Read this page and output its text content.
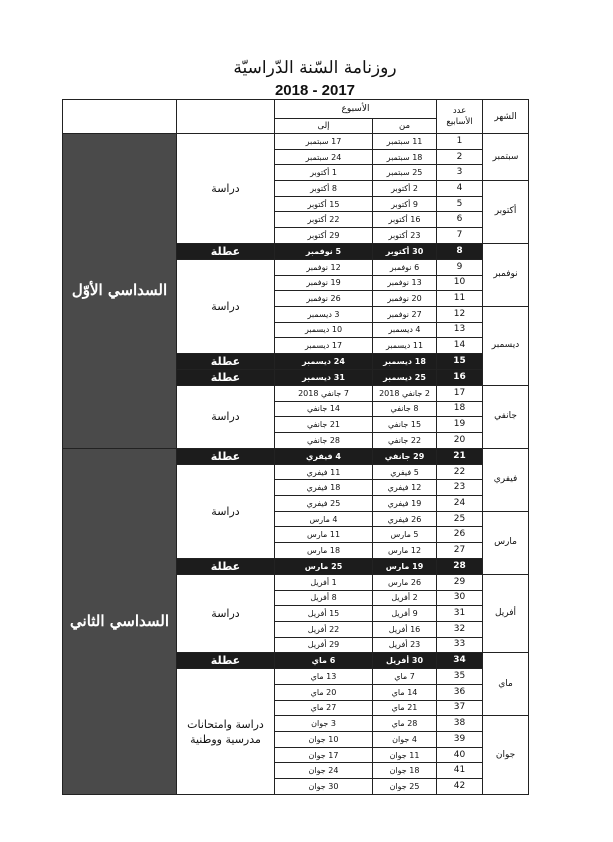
روزنامة السّنة الدّراسيّة
2018 - 2017
الشهر	عدد الأسابيع	الأسبوع			
		من	إلى		
سبتمبر	1	11 سبتمبر	17 سبتمبر	دراسة	السداسي الأوّل
	2	18 سبتمبر	24 سبتمبر		
	3	25 سبتمبر	1 أكتوبر		
أكتوبر	4	2 أكتوبر	8 أكتوبر		
	5	9 أكتوبر	15 أكتوبر		
	6	16 أكتوبر	22 أكتوبر		
	7	23 أكتوبر	29 أكتوبر		
نوفمبر	8	30 أكتوبر	5 نوفمبر	عطلة	
	9	6 نوفمبر	12 نوفمبر	دراسة	
	10	13 نوفمبر	19 نوفمبر		
	11	20 نوفمبر	26 نوفمبر		
ديسمبر	12	27 نوفمبر	3 ديسمبر		
	13	4 ديسمبر	10 ديسمبر		
	14	11 ديسمبر	17 ديسمبر		
	15	18 ديسمبر	24 ديسمبر	عطلة	
	16	25 ديسمبر	31 ديسمبر	عطلة	
جانفي	17	2 جانفي 2018	7 جانفي 2018	دراسة	
	18	8 جانفي	14 جانفي		
	19	15 جانفي	21 جانفي		
	20	22 جانفي	28 جانفي		
فيفري	21	29 جانفي	4 فيفري	عطلة	السداسي الثاني
	22	5 فيفري	11 فيفري	دراسة	
	23	12 فيفري	18 فيفري		
	24	19 فيفري	25 فيفري		
مارس	25	26 فيفري	4 مارس		
	26	5 مارس	11 مارس		
	27	12 مارس	18 مارس		
	28	19 مارس	25 مارس	عطلة	
أفريل	29	26 مارس	1 أفريل	دراسة	
	30	2 أفريل	8 أفريل		
	31	9 أفريل	15 أفريل		
	32	16 أفريل	22 أفريل		
	33	23 أفريل	29 أفريل		
ماي	34	30 أفريل	6 ماي	عطلة	
	35	7 ماي	13 ماي	دراسة وامتحانات مدرسية ووطنية	
	36	14 ماي	20 ماي		
	37	21 ماي	27 ماي		
جوان	38	28 ماي	3 جوان		
	39	4 جوان	10 جوان		
	40	11 جوان	17 جوان		
	41	18 جوان	24 جوان		
	42	25 جوان	30 جوان		
